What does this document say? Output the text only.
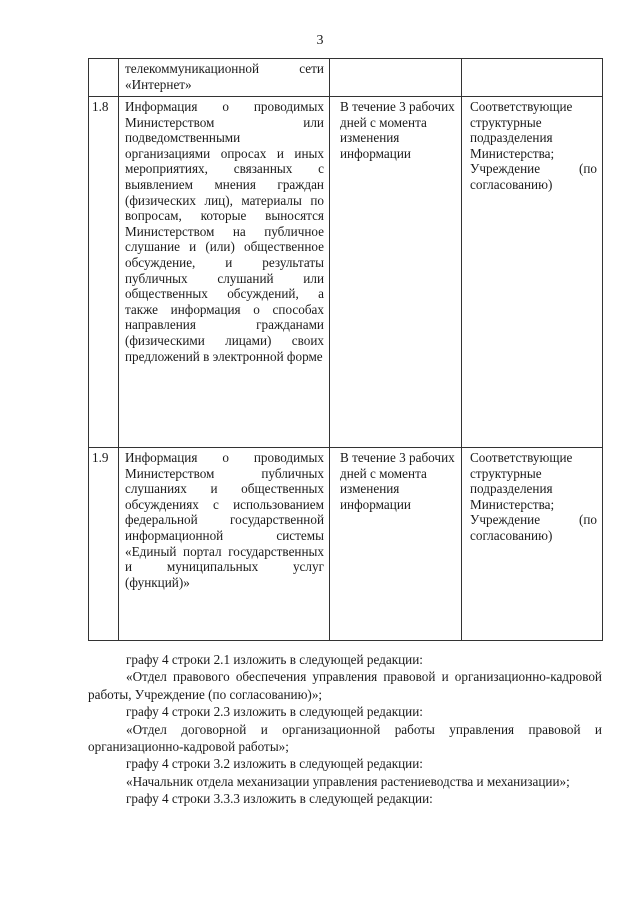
3
	телекоммуникационной сети «Интернет»		
1.8	Информация о проводимых Министерством или подведомственными организациями опросах и иных мероприятиях, связанных с выявлением мнения граждан (физических лиц), материалы по вопросам, которые выносятся Министерством на публичное слушание и (или) общественное обсуждение, и результаты публичных слушаний или общественных обсуждений, а также информация о способах направления гражданами (физическими лицами) своих предложений в электронной форме	В течение 3 рабочих дней с момента изменения информации	Соответствующие структурные подразделения Министерства; Учреждение (по согласованию)
1.9	Информация о проводимых Министерством публичных слушаниях и общественных обсуждениях с использованием федеральной государственной информационной системы «Единый портал государственных и муниципальных услуг (функций)»	В течение 3 рабочих дней с момента изменения информации	Соответствующие структурные подразделения Министерства; Учреждение (по согласованию)

графу 4 строки 2.1 изложить в следующей редакции:

«Отдел правового обеспечения управления правовой и организационно-кадровой работы, Учреждение (по согласованию)»;

графу 4 строки 2.3 изложить в следующей редакции:

«Отдел договорной и организационной работы управления правовой и организационно-кадровой работы»;

графу 4 строки 3.2 изложить в следующей редакции:

«Начальник отдела механизации управления растениеводства и механизации»;

графу 4 строки 3.3.3 изложить в следующей редакции:
